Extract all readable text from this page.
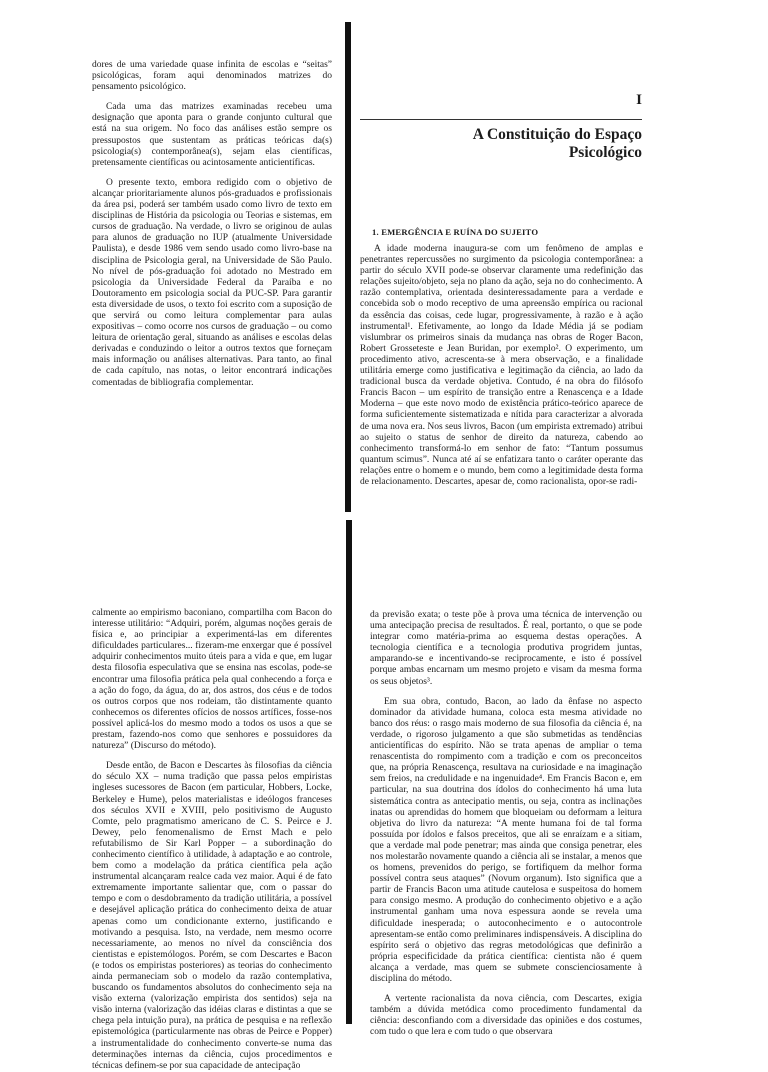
dores de uma variedade quase infinita de escolas e “seitas” psicológicas, foram aqui denominados matrizes do pensamento psicológico.

Cada uma das matrizes examinadas recebeu uma designação que aponta para o grande conjunto cultural que está na sua origem. No foco das análises estão sempre os pressupostos que sustentam as práticas teóricas da(s) psicologia(s) contemporânea(s), sejam elas científicas, pretensamente científicas ou acintosamente anticientíficas.

O presente texto, embora redigido com o objetivo de alcançar prioritariamente alunos pós-graduados e profissionais da área psi, poderá ser também usado como livro de texto em disciplinas de História da psicologia ou Teorias e sistemas, em cursos de graduação. Na verdade, o livro se originou de aulas para alunos de graduação no IUP (atualmente Universidade Paulista), e desde 1986 vem sendo usado como livro-base na disciplina de Psicologia geral, na Universidade de São Paulo. No nível de pós-graduação foi adotado no Mestrado em psicologia da Universidade Federal da Paraíba e no Doutoramento em psicologia social da PUC-SP. Para garantir esta diversidade de usos, o texto foi escrito com a suposição de que servirá ou como leitura complementar para aulas expositivas – como ocorre nos cursos de graduação – ou como leitura de orientação geral, situando as análises e escolas delas derivadas e conduzindo o leitor a outros textos que forneçam mais informação ou análises alternativas. Para tanto, ao final de cada capítulo, nas notas, o leitor encontrará indicações comentadas de bibliografia complementar.

I
A Constituição do Espaço
Psicológico
1. EMERGÊNCIA E RUÍNA DO SUJEITO

A idade moderna inaugura-se com um fenômeno de amplas e penetrantes repercussões no surgimento da psicologia contemporânea: a partir do século XVII pode-se observar claramente uma redefinição das relações sujeito/objeto, seja no plano da ação, seja no do conhecimento. A razão contemplativa, orientada desinteressadamente para a verdade e concebida sob o modo receptivo de uma apreensão empírica ou racional da essência das coisas, cede lugar, progressivamente, à razão e à ação instrumental¹. Efetivamente, ao longo da Idade Média já se podiam vislumbrar os primeiros sinais da mudança nas obras de Roger Bacon, Robert Grosseteste e Jean Buridan, por exemplo². O experimento, um procedimento ativo, acrescenta-se à mera observação, e a finalidade utilitária emerge como justificativa e legitimação da ciência, ao lado da tradicional busca da verdade objetiva. Contudo, é na obra do filósofo Francis Bacon – um espírito de transição entre a Renascença e a Idade Moderna – que este novo modo de existência prático-teórico aparece de forma suficientemente sistematizada e nítida para caracterizar a alvorada de uma nova era. Nos seus livros, Bacon (um empirista extremado) atribui ao sujeito o status de senhor de direito da natureza, cabendo ao conhecimento transformá-lo em senhor de fato: “Tantum possumus quantum scimus”. Nunca até aí se enfatizara tanto o caráter operante das relações entre o homem e o mundo, bem como a legitimidade desta forma de relacionamento. Descartes, apesar de, como racionalista, opor-se radi-

calmente ao empirismo baconiano, compartilha com Bacon do interesse utilitário: “Adquiri, porém, algumas noções gerais de física e, ao principiar a experimentá-las em diferentes dificuldades particulares... fizeram-me enxergar que é possível adquirir conhecimentos muito úteis para a vida e que, em lugar desta filosofia especulativa que se ensina nas escolas, pode-se encontrar uma filosofia prática pela qual conhecendo a força e a ação do fogo, da água, do ar, dos astros, dos céus e de todos os outros corpos que nos rodeiam, tão distintamente quanto conhecemos os diferentes ofícios de nossos artífices, fosse-nos possível aplicá-los do mesmo modo a todos os usos a que se prestam, fazendo-nos como que senhores e possuidores da natureza” (Discurso do método).

Desde então, de Bacon e Descartes às filosofias da ciência do século XX – numa tradição que passa pelos empiristas ingleses sucessores de Bacon (em particular, Hobbers, Locke, Berkeley e Hume), pelos materialistas e ideólogos franceses dos séculos XVII e XVIII, pelo positivismo de Augusto Comte, pelo pragmatismo americano de C. S. Peirce e J. Dewey, pelo fenomenalismo de Ernst Mach e pelo refutabilismo de Sir Karl Popper – a subordinação do conhecimento científico à utilidade, à adaptação e ao controle, bem como a modelação da prática científica pela ação instrumental alcançaram realce cada vez maior. Aqui é de fato extremamente importante salientar que, com o passar do tempo e com o desdobramento da tradição utilitária, a possível e desejável aplicação prática do conhecimento deixa de atuar apenas como um condicionante externo, justificando e motivando a pesquisa. Isto, na verdade, nem mesmo ocorre necessariamente, ao menos no nível da consciência dos cientistas e epistemólogos. Porém, se com Descartes e Bacon (e todos os empiristas posteriores) as teorias do conhecimento ainda permaneciam sob o modelo da razão contemplativa, buscando os fundamentos absolutos do conhecimento seja na visão externa (valorização empirista dos sentidos) seja na visão interna (valorização das idéias claras e distintas a que se chega pela intuição pura), na prática de pesquisa e na reflexão epistemológica (particularmente nas obras de Peirce e Popper) a instrumentalidade do conhecimento converte-se numa das determinações internas da ciência, cujos procedimentos e técnicas definem-se por sua capacidade de antecipação

da previsão exata; o teste põe à prova uma técnica de intervenção ou uma antecipação precisa de resultados. É real, portanto, o que se pode integrar como matéria-prima ao esquema destas operações. A tecnologia científica e a tecnologia produtiva progridem juntas, amparando-se e incentivando-se reciprocamente, e isto é possível porque ambas encarnam um mesmo projeto e visam da mesma forma os seus objetos³.

Em sua obra, contudo, Bacon, ao lado da ênfase no aspecto dominador da atividade humana, coloca esta mesma atividade no banco dos réus: o rasgo mais moderno de sua filosofia da ciência é, na verdade, o rigoroso julgamento a que são submetidas as tendências anticientíficas do espírito. Não se trata apenas de ampliar o tema renascentista do rompimento com a tradição e com os preconceitos que, na própria Renascença, resultava na curiosidade e na imaginação sem freios, na credulidade e na ingenuidade⁴. Em Francis Bacon e, em particular, na sua doutrina dos ídolos do conhecimento há uma luta sistemática contra as antecipatio mentis, ou seja, contra as inclinações inatas ou aprendidas do homem que bloqueiam ou deformam a leitura objetiva do livro da natureza: “A mente humana foi de tal forma possuída por ídolos e falsos preceitos, que ali se enraízam e a sitiam, que a verdade mal pode penetrar; mas ainda que consiga penetrar, eles nos molestarão novamente quando a ciência ali se instalar, a menos que os homens, prevenidos do perigo, se fortifiquem da melhor forma possível contra seus ataques” (Novum organum). Isto significa que a partir de Francis Bacon uma atitude cautelosa e suspeitosa do homem para consigo mesmo. A produção do conhecimento objetivo e a ação instrumental ganham uma nova espessura aonde se revela uma dificuldade inesperada; o autoconhecimento e o autocontrole apresentam-se então como preliminares indispensáveis. A disciplina do espírito será o objetivo das regras metodológicas que definirão a própria especificidade da prática científica: cientista não é quem alcança a verdade, mas quem se submete conscienciosamente à disciplina do método.

A vertente racionalista da nova ciência, com Descartes, exigia também a dúvida metódica como procedimento fundamental da ciência: desconfiando com a diversidade das opiniões e dos costumes, com tudo o que lera e com tudo o que observara
